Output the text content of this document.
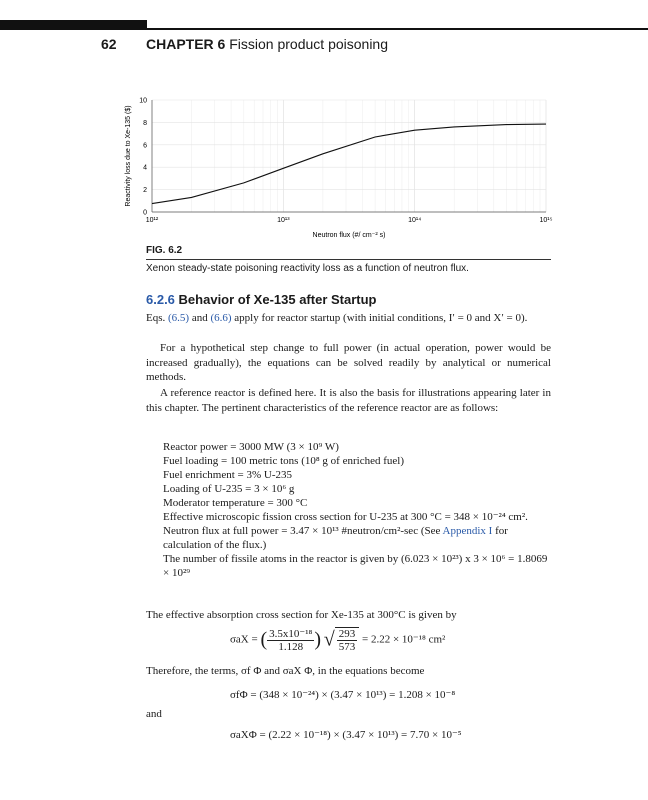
62 CHAPTER 6 Fission product poisoning
0
2
4
6
8
10
10¹²	10¹³	10¹⁴	10¹⁵
Neutron flux (#/ cm⁻² s)
Reactivity loss due to Xe-135 ($)
FIG. 6.2
Xenon steady-state poisoning reactivity loss as a function of neutron flux.
6.2.6 Behavior of Xe-135 after Startup

Eqs. (6.5) and (6.6) apply for reactor startup (with initial conditions, I′ = 0 and X′ = 0).

For a hypothetical step change to full power (in actual operation, power would be increased gradually), the equations can be solved readily by analytical or numerical methods.

A reference reactor is defined here. It is also the basis for illustrations appearing later in this chapter. The pertinent characteristics of the reference reactor are as follows:

Reactor power = 3000 MW (3 × 10⁹ W)
Fuel loading = 100 metric tons (10⁸ g of enriched fuel)
Fuel enrichment = 3% U-235
Loading of U-235 = 3 × 10⁶ g
Moderator temperature = 300 °C
Effective microscopic fission cross section for U-235 at 300 °C = 348 × 10⁻²⁴ cm².
Neutron flux at full power = 3.47 × 10¹³ #neutron/cm²-sec (See Appendix I for calculation of the flux.)
The number of fissile atoms in the reactor is given by (6.023 × 10²³) x 3 × 10⁶ = 1.8069 × 10²⁹

The effective absorption cross section for Xe-135 at 300°C is given by

σaX = ( $\frac{\text{3.5x10⁻¹⁸}}{1.128}$ ) √ $\frac{293}{573} = 2.22 \times 10^{-18}$ cm²

Therefore, the terms, σf Φ and σaX Φ, in the equations become

σfΦ = (348 × 10⁻²⁴) × (3.47 × 10¹³) = 1.208 × 10⁻⁸

and

σaXΦ = (2.22 × 10⁻¹⁸) × (3.47 × 10¹³) = 7.70 × 10⁻⁵
